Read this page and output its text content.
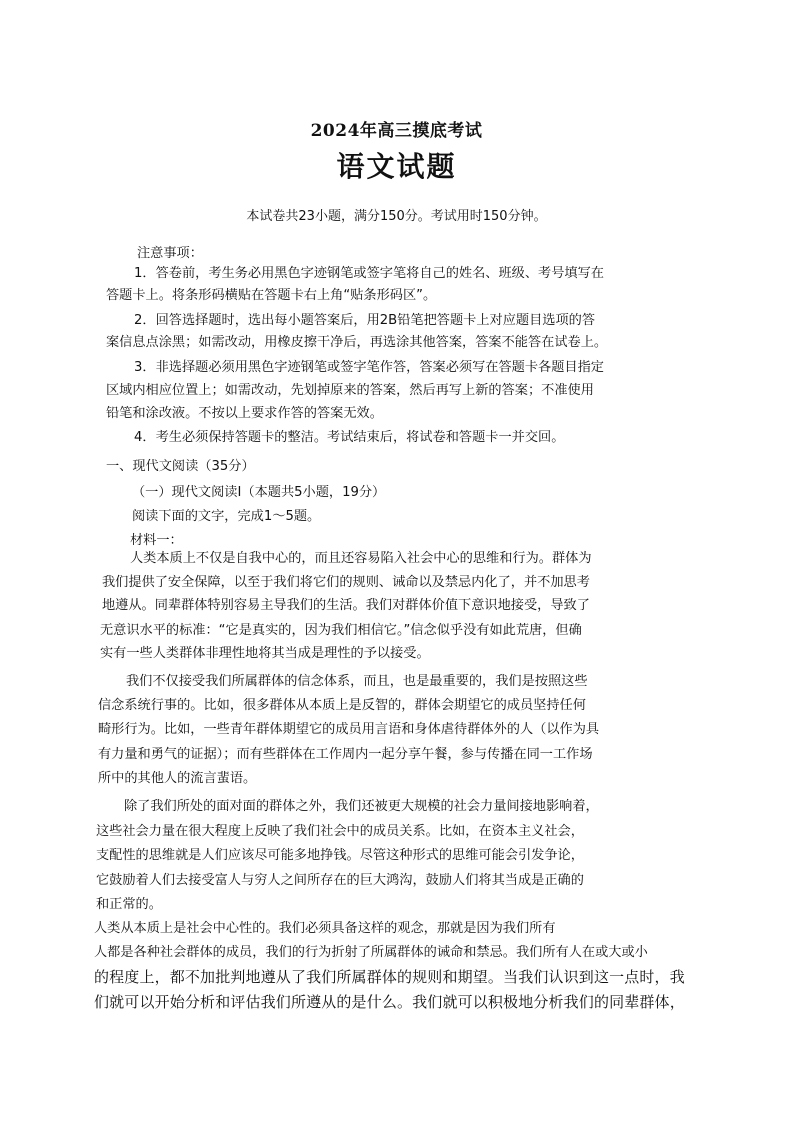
2024年高三摸底考试
语文试题
本试卷共23小题，满分150分。考试用时150分钟。
注意事项：
1．答卷前，考生务必用黑色字迹钢笔或签字笔将自己的姓名、班级、考号填写在
答题卡上。将条形码横贴在答题卡右上角“贴条形码区”。
2．回答选择题时，选出每小题答案后，用2B铅笔把答题卡上对应题目选项的答
案信息点涂黑；如需改动，用橡皮擦干净后，再选涂其他答案，答案不能答在试卷上。
3．非选择题必须用黑色字迹钢笔或签字笔作答，答案必须写在答题卡各题目指定
区域内相应位置上；如需改动，先划掉原来的答案，然后再写上新的答案；不准使用
铅笔和涂改液。不按以上要求作答的答案无效。
4．考生必须保持答题卡的整洁。考试结束后，将试卷和答题卡一并交回。
一、现代文阅读（35分）
（一）现代文阅读Ⅰ（本题共5小题，19分）
阅读下面的文字，完成1～5题。
材料一：
人类本质上不仅是自我中心的，而且还容易陷入社会中心的思维和行为。群体为
我们提供了安全保障，以至于我们将它们的规则、诫命以及禁忌内化了，并不加思考
地遵从。同辈群体特别容易主导我们的生活。我们对群体价值下意识地接受，导致了
无意识水平的标准：“它是真实的，因为我们相信它。”信念似乎没有如此荒唐，但确
实有一些人类群体非理性地将其当成是理性的予以接受。
我们不仅接受我们所属群体的信念体系，而且，也是最重要的，我们是按照这些
信念系统行事的。比如，很多群体从本质上是反智的，群体会期望它的成员坚持任何
畸形行为。比如，一些青年群体期望它的成员用言语和身体虐待群体外的人（以作为具
有力量和勇气的证据）；而有些群体在工作周内一起分享午餐，参与传播在同一工作场
所中的其他人的流言蜚语。
除了我们所处的面对面的群体之外，我们还被更大规模的社会力量间接地影响着，
这些社会力量在很大程度上反映了我们社会中的成员关系。比如，在资本主义社会，
支配性的思维就是人们应该尽可能多地挣钱。尽管这种形式的思维可能会引发争论，
它鼓励着人们去接受富人与穷人之间所存在的巨大鸿沟，鼓励人们将其当成是正确的
和正常的。
人类从本质上是社会中心性的。我们必须具备这样的观念，那就是因为我们所有
人都是各种社会群体的成员，我们的行为折射了所属群体的诫命和禁忌。我们所有人在或大或小
的程度上，都不加批判地遵从了我们所属群体的规则和期望。当我们认识到这一点时，我
们就可以开始分析和评估我们所遵从的是什么。我们就可以积极地分析我们的同辈群体，
